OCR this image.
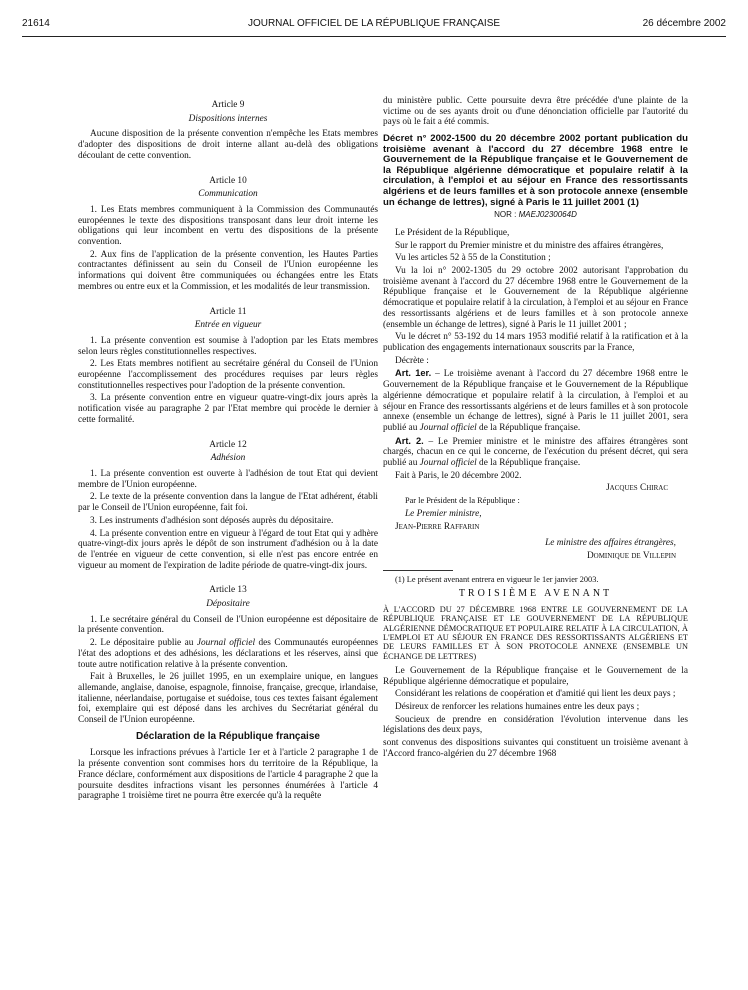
21614	JOURNAL OFFICIEL DE LA RÉPUBLIQUE FRANÇAISE	26 décembre 2002
Article 9
Dispositions internes

Aucune disposition de la présente convention n'empêche les Etats membres d'adopter des dispositions de droit interne allant au-delà des obligations découlant de cette convention.

Article 10
Communication

1. Les Etats membres communiquent à la Commission des Communautés européennes le texte des dispositions transposant dans leur droit interne les obligations qui leur incombent en vertu des dispositions de la présente convention.

2. Aux fins de l'application de la présente convention, les Hautes Parties contractantes définissent au sein du Conseil de l'Union européenne les informations qui doivent être communiquées ou échangées entre les Etats membres ou entre eux et la Commission, et les modalités de leur transmission.

Article 11
Entrée en vigueur

1. La présente convention est soumise à l'adoption par les Etats membres selon leurs règles constitutionnelles respectives.

2. Les Etats membres notifient au secrétaire général du Conseil de l'Union européenne l'accomplissement des procédures requises par leurs règles constitutionnelles respectives pour l'adoption de la présente convention.

3. La présente convention entre en vigueur quatre-vingt-dix jours après la notification visée au paragraphe 2 par l'Etat membre qui procède le dernier à cette formalité.

Article 12
Adhésion

1. La présente convention est ouverte à l'adhésion de tout Etat qui devient membre de l'Union européenne.

2. Le texte de la présente convention dans la langue de l'Etat adhérent, établi par le Conseil de l'Union européenne, fait foi.

3. Les instruments d'adhésion sont déposés auprès du dépositaire.

4. La présente convention entre en vigueur à l'égard de tout Etat qui y adhère quatre-vingt-dix jours après le dépôt de son instrument d'adhésion ou à la date de l'entrée en vigueur de cette convention, si elle n'est pas encore entrée en vigueur au moment de l'expiration de ladite période de quatre-vingt-dix jours.

Article 13
Dépositaire

1. Le secrétaire général du Conseil de l'Union européenne est dépositaire de la présente convention.

2. Le dépositaire publie au Journal officiel des Communautés européennes l'état des adoptions et des adhésions, les déclarations et les réserves, ainsi que toute autre notification relative à la présente convention.

Fait à Bruxelles, le 26 juillet 1995, en un exemplaire unique, en langues allemande, anglaise, danoise, espagnole, finnoise, française, grecque, irlandaise, italienne, néerlandaise, portugaise et suédoise, tous ces textes faisant également foi, exemplaire qui est déposé dans les archives du Secrétariat général du Conseil de l'Union européenne.

Déclaration de la République française

Lorsque les infractions prévues à l'article 1er et à l'article 2 paragraphe 1 de la présente convention sont commises hors du territoire de la République, la France déclare, conformément aux dispositions de l'article 4 paragraphe 2 que la poursuite desdites infractions visant les personnes énumérées à l'article 4 paragraphe 1 troisième tiret ne pourra être exercée qu'à la requête

du ministère public. Cette poursuite devra être précédée d'une plainte de la victime ou de ses ayants droit ou d'une dénonciation officielle par l'autorité du pays où le fait a été commis.

Décret n° 2002-1500 du 20 décembre 2002 portant publication du troisième avenant à l'accord du 27 décembre 1968 entre le Gouvernement de la République française et le Gouvernement de la République algérienne démocratique et populaire relatif à la circulation, à l'emploi et au séjour en France des ressortissants algériens et de leurs familles et à son protocole annexe (ensemble un échange de lettres), signé à Paris le 11 juillet 2001 (1)
NOR : MAEJ0230064D

Le Président de la République,

Sur le rapport du Premier ministre et du ministre des affaires étrangères,

Vu les articles 52 à 55 de la Constitution ;

Vu la loi n° 2002-1305 du 29 octobre 2002 autorisant l'approbation du troisième avenant à l'accord du 27 décembre 1968 entre le Gouvernement de la République française et le Gouvernement de la République algérienne démocratique et populaire relatif à la circulation, à l'emploi et au séjour en France des ressortissants algériens et de leurs familles et à son protocole annexe (ensemble un échange de lettres), signé à Paris le 11 juillet 2001 ;

Vu le décret n° 53-192 du 14 mars 1953 modifié relatif à la ratification et à la publication des engagements internationaux souscrits par la France,

Décrète :

Art. 1er. – Le troisième avenant à l'accord du 27 décembre 1968 entre le Gouvernement de la République française et le Gouvernement de la République algérienne démocratique et populaire relatif à la circulation, à l'emploi et au séjour en France des ressortissants algériens et de leurs familles et à son protocole annexe (ensemble un échange de lettres), signé à Paris le 11 juillet 2001, sera publié au Journal officiel de la République française.

Art. 2. – Le Premier ministre et le ministre des affaires étrangères sont chargés, chacun en ce qui le concerne, de l'exécution du présent décret, qui sera publié au Journal officiel de la République française.

Fait à Paris, le 20 décembre 2002.

Jacques Chirac

Par le Président de la République :

Le Premier ministre,

Jean-Pierre Raffarin

Le ministre des affaires étrangères,

Dominique de Villepin

(1) Le présent avenant entrera en vigueur le 1er janvier 2003.

TROISIÈME AVENANT
À L'ACCORD DU 27 DÉCEMBRE 1968 ENTRE LE GOUVERNEMENT DE LA RÉPUBLIQUE FRANÇAISE ET LE GOUVERNEMENT DE LA RÉPUBLIQUE ALGÉRIENNE DÉMOCRATIQUE ET POPULAIRE RELATIF À LA CIRCULATION, À L'EMPLOI ET AU SÉJOUR EN FRANCE DES RESSORTISSANTS ALGÉRIENS ET DE LEURS FAMILLES ET À SON PROTOCOLE ANNEXE (ENSEMBLE UN ÉCHANGE DE LETTRES)

Le Gouvernement de la République française et le Gouvernement de la République algérienne démocratique et populaire,

Considérant les relations de coopération et d'amitié qui lient les deux pays ;

Désireux de renforcer les relations humaines entre les deux pays ;

Soucieux de prendre en considération l'évolution intervenue dans les législations des deux pays,

sont convenus des dispositions suivantes qui constituent un troisième avenant à l'Accord franco-algérien du 27 décembre 1968
